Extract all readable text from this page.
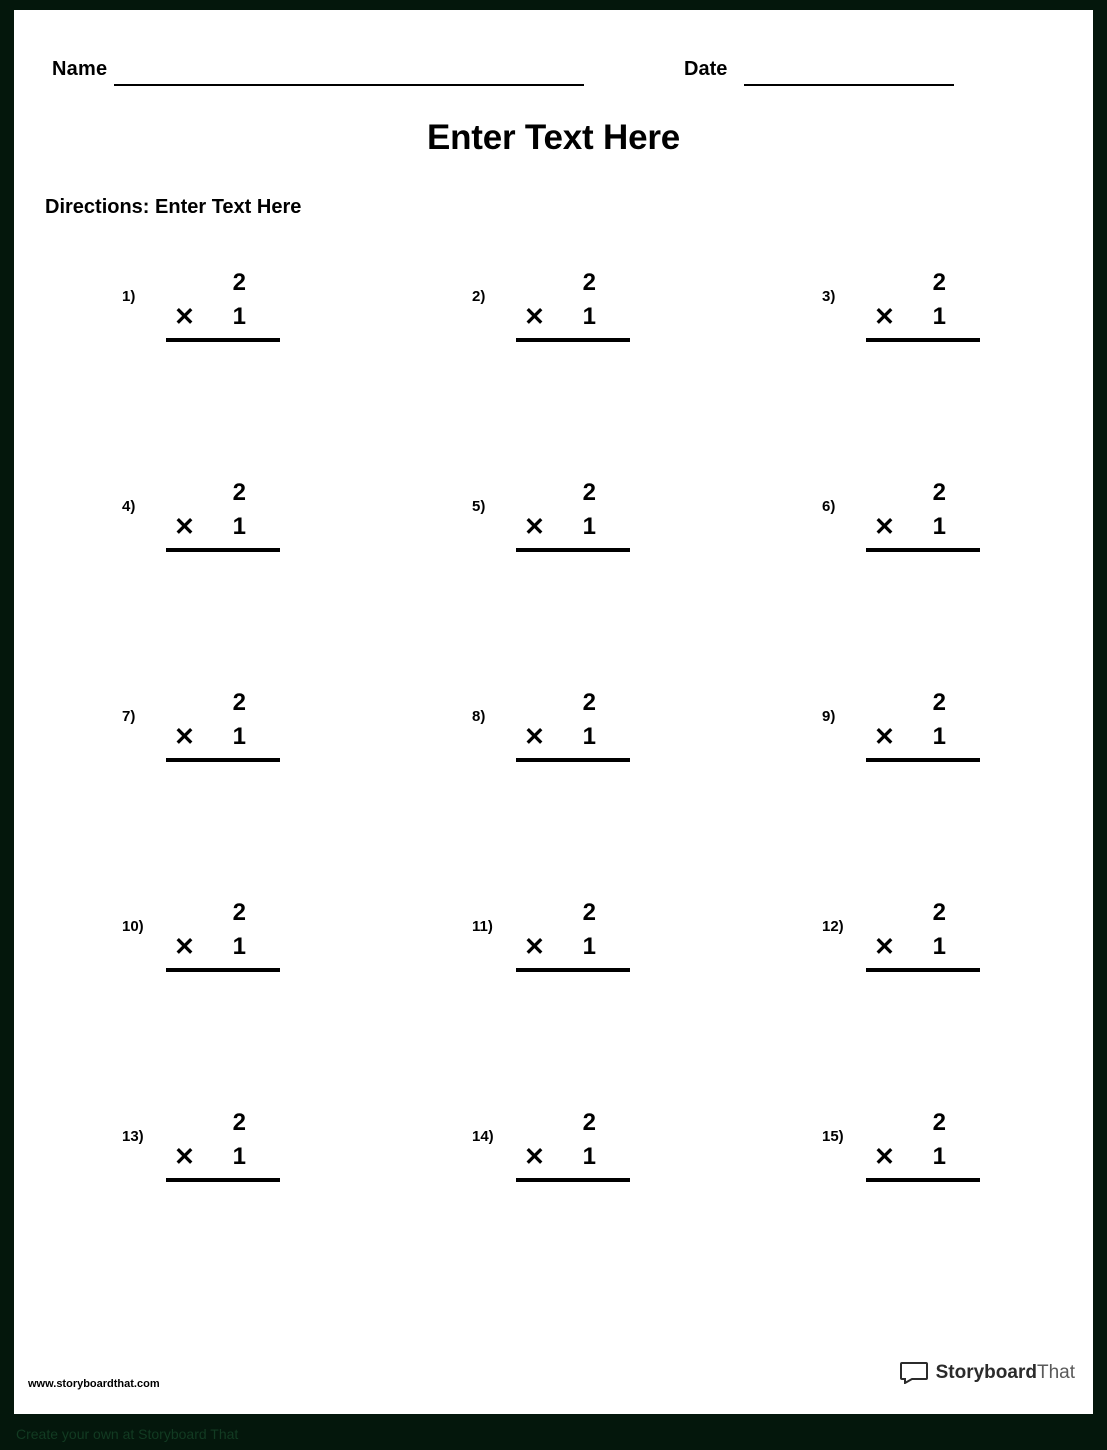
Name	Date
Enter Text Here
Directions: Enter Text Here
1)
2
✕ 1
2)
2
✕ 1
3)
2
✕ 1
4)
2
✕ 1
5)
2
✕ 1
6)
2
✕ 1
7)
2
✕ 1
8)
2
✕ 1
9)
2
✕ 1
10)
2
✕ 1
11)
2
✕ 1
12)
2
✕ 1
13)
2
✕ 1
14)
2
✕ 1
15)
2
✕ 1
www.storyboardthat.com
StoryboardThat
Create your own at Storyboard That
